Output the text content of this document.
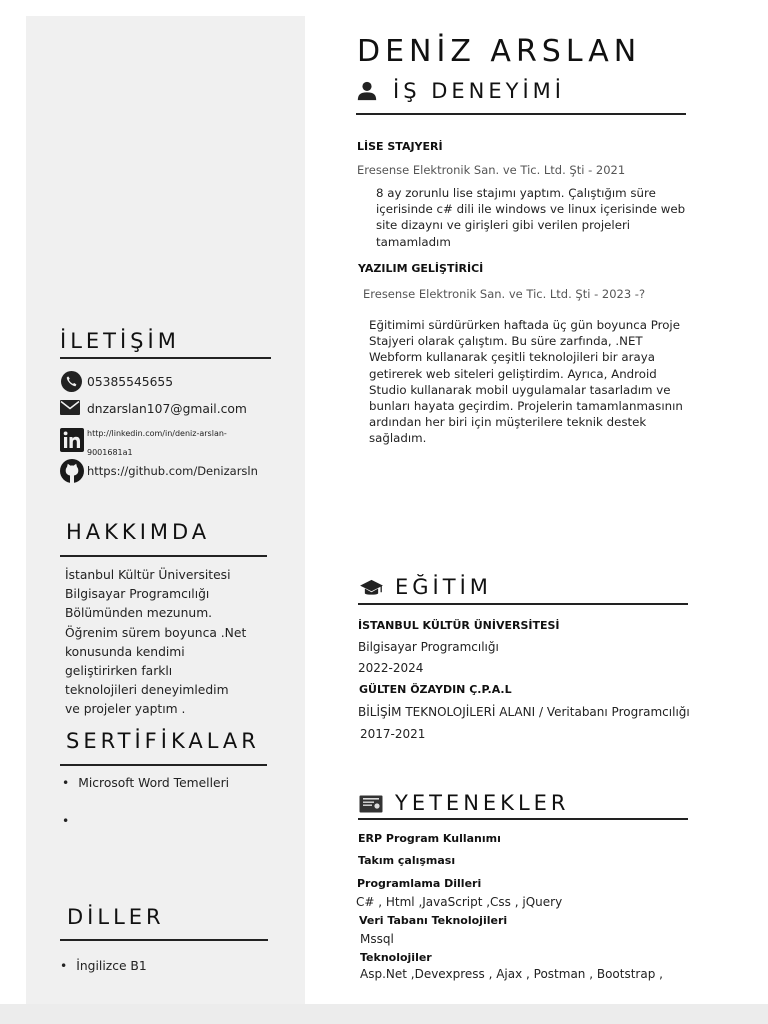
DENİZ ARSLAN
İŞ DENEYİMİ
LİSE STAJYERİ
Eresense Elektronik San. ve Tic. Ltd. Şti - 2021
8 ay zorunlu lise stajımı yaptım. Çalıştığım süre içerisinde c# dili ile windows ve linux içerisinde web site dizaynı ve girişleri gibi verilen projeleri tamamladım
YAZILIM GELİŞTİRİCİ
Eresense Elektronik San. ve Tic. Ltd. Şti - 2023 -?
Eğitimimi sürdürürken haftada üç gün boyunca Proje Stajyeri olarak çalıştım. Bu süre zarfında, .NET Webform kullanarak çeşitli teknolojileri bir araya getirerek web siteleri geliştirdim. Ayrıca, Android Studio kullanarak mobil uygulamalar tasarladım ve bunları hayata geçirdim. Projelerin tamamlanmasının ardından her biri için müşterilere teknik destek sağladım.
EĞİTİM
İSTANBUL KÜLTÜR ÜNİVERSİTESİ
Bilgisayar Programcılığı
2022-2024
GÜLTEN ÖZAYDIN Ç.P.A.L
BİLİŞİM TEKNOLOJİLERİ ALANI / Veritabanı Programcılığı
2017-2021
YETENEKLER
ERP Program Kullanımı
Takım çalışması
Programlama Dilleri
C# , Html ,JavaScript ,Css , jQuery
Veri Tabanı Teknolojileri
Mssql
Teknolojiler
Asp.Net ,Devexpress , Ajax , Postman , Bootstrap ,
İLETİŞİM
05385545655
dnzarslan107@gmail.com
http://linkedin.com/in/deniz-arslan-
9001681a1
https://github.com/Denizarsln
HAKKIMDA
İstanbul Kültür Üniversitesi
Bilgisayar Programcılığı
Bölümünden mezunum.
Öğrenim sürem boyunca .Net
konusunda kendimi
geliştirirken farklı
teknolojileri deneyimledim
ve projeler yaptım .
SERTİFİKALAR
• Microsoft Word Temelleri
•
DİLLER
• İngilizce B1
